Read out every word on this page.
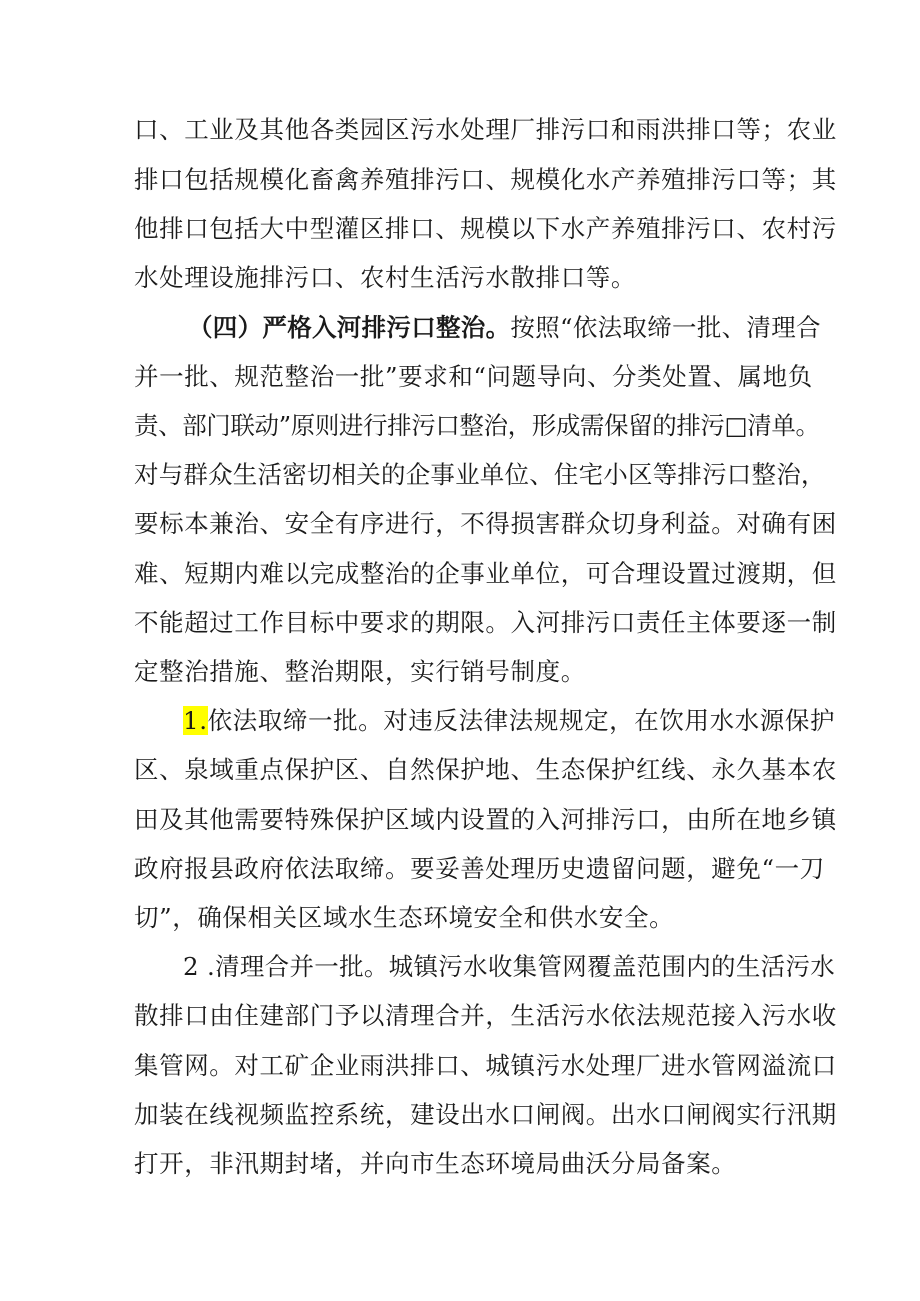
口、工业及其他各类园区污水处理厂排污口和雨洪排口等；农业

排口包括规模化畜禽养殖排污口、规模化水产养殖排污口等；其

他排口包括大中型灌区排口、规模以下水产养殖排污口、农村污

水处理设施排污口、农村生活污水散排口等。

（四）严格入河排污口整治。按照“依法取缔一批、清理合

并一批、规范整治一批”要求和“问题导向、分类处置、属地负

责、部门联动”原则进行排污口整治，形成需保留的排污□清单。

对与群众生活密切相关的企事业单位、住宅小区等排污口整治，

要标本兼治、安全有序进行，不得损害群众切身利益。对确有困

难、短期内难以完成整治的企事业单位，可合理设置过渡期，但

不能超过工作目标中要求的期限。入河排污口责任主体要逐一制

定整治措施、整治期限，实行销号制度。

1.依法取缔一批。对违反法律法规规定，在饮用水水源保护

区、泉域重点保护区、自然保护地、生态保护红线、永久基本农

田及其他需要特殊保护区域内设置的入河排污口，由所在地乡镇

政府报县政府依法取缔。要妥善处理历史遗留问题，避免“一刀

切”，确保相关区域水生态环境安全和供水安全。

2 .清理合并一批。城镇污水收集管网覆盖范围内的生活污水

散排口由住建部门予以清理合并，生活污水依法规范接入污水收

集管网。对工矿企业雨洪排口、城镇污水处理厂进水管网溢流口

加装在线视频监控系统，建设出水口闸阀。出水口闸阀实行汛期

打开，非汛期封堵，并向市生态环境局曲沃分局备案。
